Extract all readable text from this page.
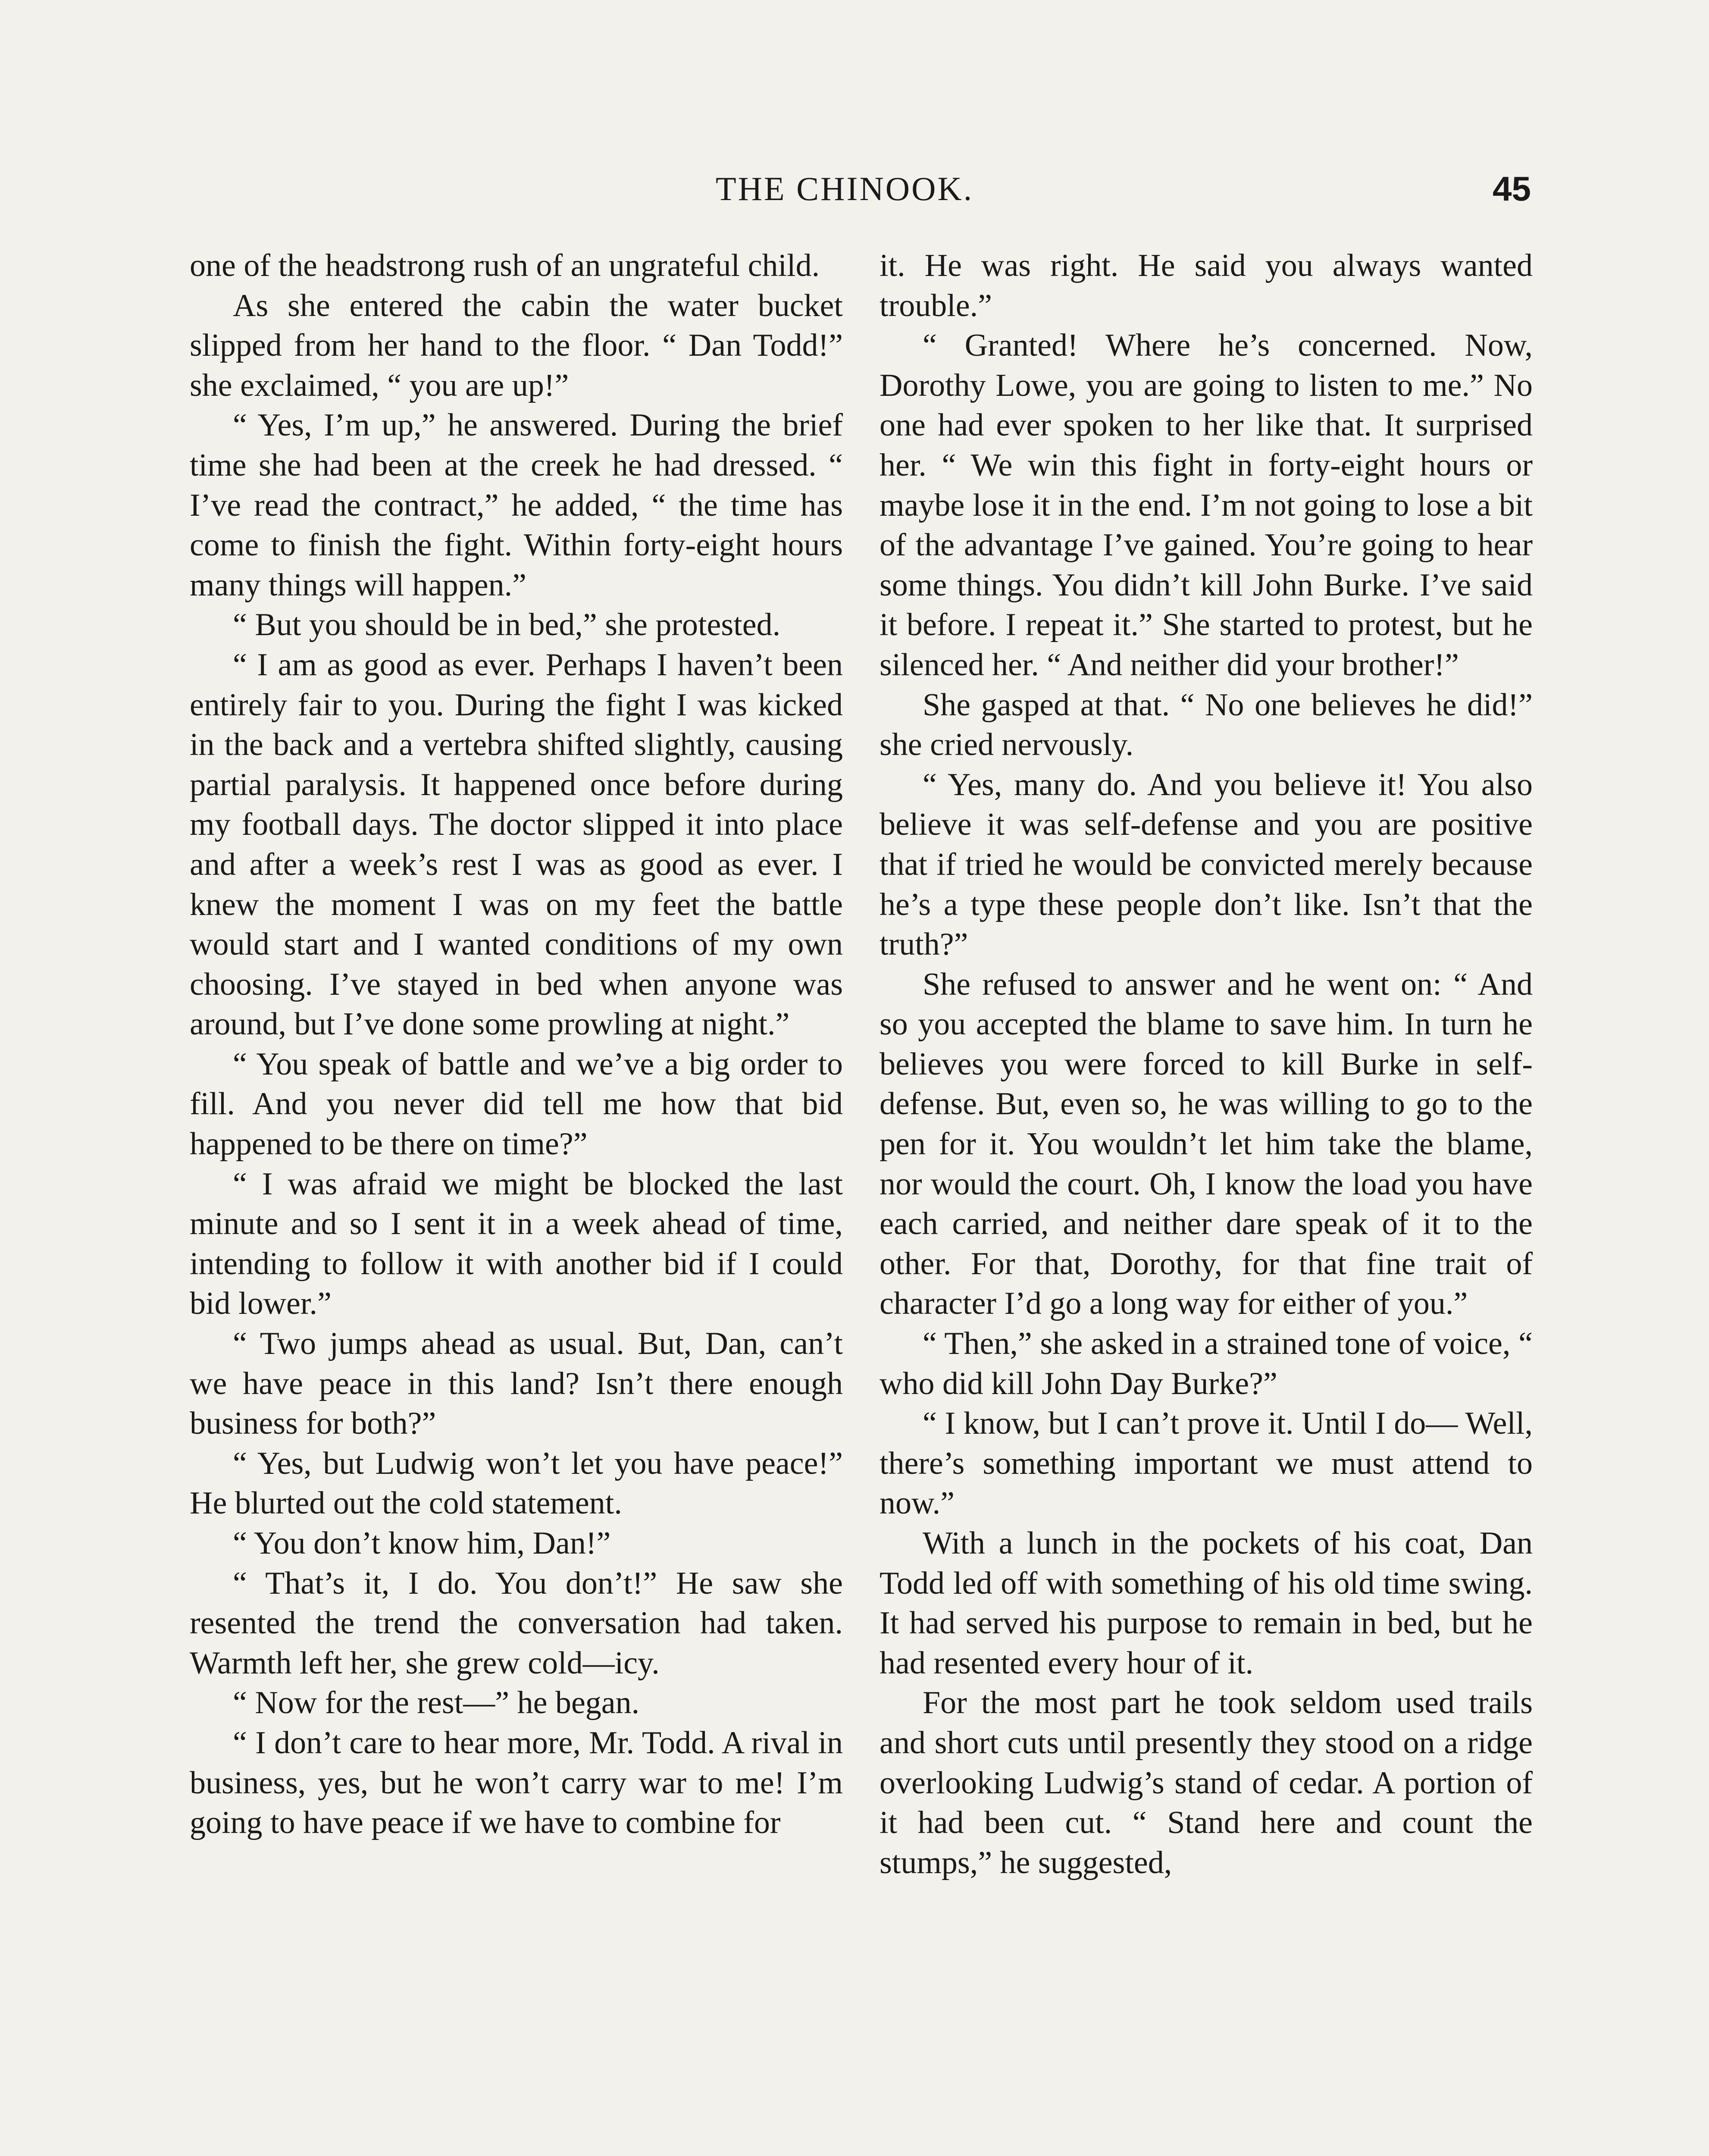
THE CHINOOK.	45

one of the headstrong rush of an ungrateful child.

As she entered the cabin the water bucket slipped from her hand to the floor. “ Dan Todd!” she exclaimed, “ you are up!”

“ Yes, I’m up,” he answered. During the brief time she had been at the creek he had dressed. “ I’ve read the contract,” he added, “ the time has come to finish the fight. Within forty-eight hours many things will happen.”

“ But you should be in bed,” she protested.

“ I am as good as ever. Perhaps I haven’t been entirely fair to you. During the fight I was kicked in the back and a vertebra shifted slightly, causing partial paralysis. It happened once before during my football days. The doctor slipped it into place and after a week’s rest I was as good as ever. I knew the moment I was on my feet the battle would start and I wanted conditions of my own choosing. I’ve stayed in bed when anyone was around, but I’ve done some prowling at night.”

“ You speak of battle and we’ve a big order to fill. And you never did tell me how that bid happened to be there on time?”

“ I was afraid we might be blocked the last minute and so I sent it in a week ahead of time, intending to follow it with another bid if I could bid lower.”

“ Two jumps ahead as usual. But, Dan, can’t we have peace in this land? Isn’t there enough business for both?”

“ Yes, but Ludwig won’t let you have peace!” He blurted out the cold statement.

“ You don’t know him, Dan!”

“ That’s it, I do. You don’t!” He saw she resented the trend the conversation had taken. Warmth left her, she grew cold—icy.

“ Now for the rest—” he began.

“ I don’t care to hear more, Mr. Todd. A rival in business, yes, but he won’t carry war to me! I’m going to have peace if we have to combine for

it. He was right. He said you always wanted trouble.”

“ Granted! Where he’s concerned. Now, Dorothy Lowe, you are going to listen to me.” No one had ever spoken to her like that. It surprised her. “ We win this fight in forty-eight hours or maybe lose it in the end. I’m not going to lose a bit of the advantage I’ve gained. You’re going to hear some things. You didn’t kill John Burke. I’ve said it before. I repeat it.” She started to protest, but he silenced her. “ And neither did your brother!”

She gasped at that. “ No one believes he did!” she cried nervously.

“ Yes, many do. And you believe it! You also believe it was self-defense and you are positive that if tried he would be convicted merely because he’s a type these people don’t like. Isn’t that the truth?”

She refused to answer and he went on: “ And so you accepted the blame to save him. In turn he believes you were forced to kill Burke in self-defense. But, even so, he was willing to go to the pen for it. You wouldn’t let him take the blame, nor would the court. Oh, I know the load you have each carried, and neither dare speak of it to the other. For that, Dorothy, for that fine trait of character I’d go a long way for either of you.”

“ Then,” she asked in a strained tone of voice, “ who did kill John Day Burke?”

“ I know, but I can’t prove it. Until I do— Well, there’s something important we must attend to now.”

With a lunch in the pockets of his coat, Dan Todd led off with something of his old time swing. It had served his purpose to remain in bed, but he had resented every hour of it.

For the most part he took seldom used trails and short cuts until presently they stood on a ridge overlooking Ludwig’s stand of cedar. A portion of it had been cut. “ Stand here and count the stumps,” he suggested,
